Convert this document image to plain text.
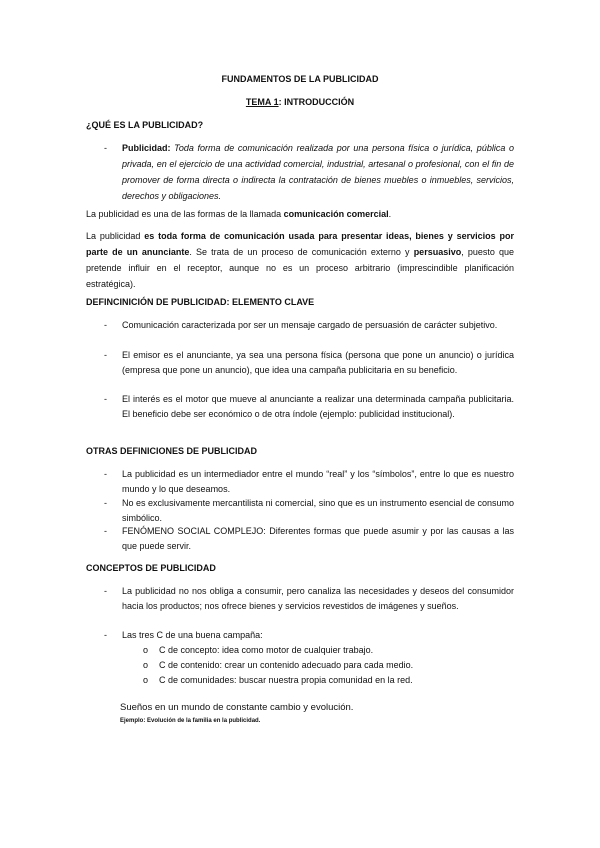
FUNDAMENTOS DE LA PUBLICIDAD
TEMA 1: INTRODUCCIÓN
¿QUÉ ES LA PUBLICIDAD?
- Publicidad: Toda forma de comunicación realizada por una persona física o jurídica, pública o privada, en el ejercicio de una actividad comercial, industrial, artesanal o profesional, con el fin de promover de forma directa o indirecta la contratación de bienes muebles o inmuebles, servicios, derechos y obligaciones.
La publicidad es una de las formas de la llamada comunicación comercial.
La publicidad es toda forma de comunicación usada para presentar ideas, bienes y servicios por parte de un anunciante. Se trata de un proceso de comunicación externo y persuasivo, puesto que pretende influir en el receptor, aunque no es un proceso arbitrario (imprescindible planificación estratégica).
DEFINCINICIÓN DE PUBLICIDAD: ELEMENTO CLAVE
- Comunicación caracterizada por ser un mensaje cargado de persuasión de carácter subjetivo.
- El emisor es el anunciante, ya sea una persona física (persona que pone un anuncio) o jurídica (empresa que pone un anuncio), que idea una campaña publicitaria en su beneficio.
- El interés es el motor que mueve al anunciante a realizar una determinada campaña publicitaria. El beneficio debe ser económico o de otra índole (ejemplo: publicidad institucional).
OTRAS DEFINICIONES DE PUBLICIDAD
- La publicidad es un intermediador entre el mundo “real” y los “símbolos”, entre lo que es nuestro mundo y lo que deseamos.
- No es exclusivamente mercantilista ni comercial, sino que es un instrumento esencial de consumo simbólico.
- FENÓMENO SOCIAL COMPLEJO: Diferentes formas que puede asumir y por las causas a las que puede servir.
CONCEPTOS DE PUBLICIDAD
- La publicidad no nos obliga a consumir, pero canaliza las necesidades y deseos del consumidor hacia los productos; nos ofrece bienes y servicios revestidos de imágenes y sueños.
- Las tres C de una buena campaña:
o C de concepto: idea como motor de cualquier trabajo.
o C de contenido: crear un contenido adecuado para cada medio.
o C de comunidades: buscar nuestra propia comunidad en la red.
Sueños en un mundo de constante cambio y evolución.
Ejemplo: Evolución de la familia en la publicidad.
